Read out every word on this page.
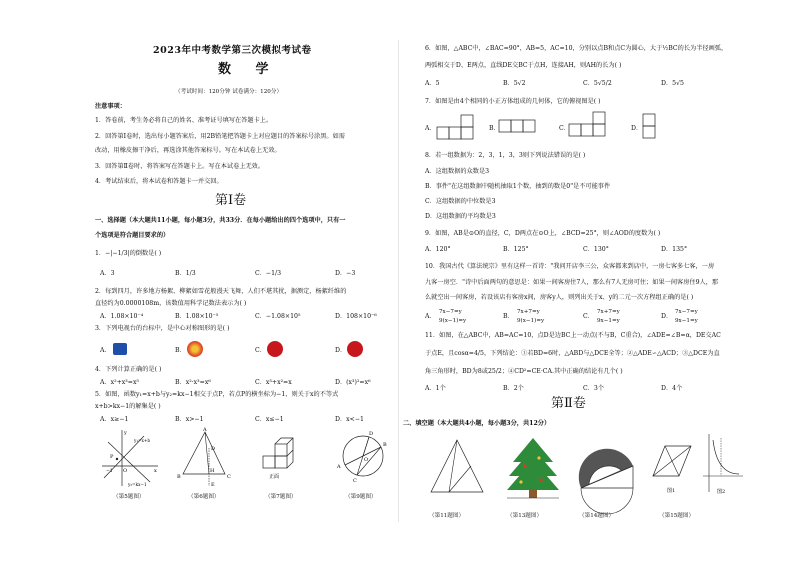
2023年中考数学第三次模拟考试卷
数 学
（考试时间：120分钟 试卷满分：120分）
注意事项：
1．答卷前，考生务必将自己的姓名、准考证号填写在答题卡上。
2．回答第Ⅰ卷时，选出每小题答案后，用2B铅笔把答题卡上对应题目的答案标号涂黑。如需
改动，用橡皮擦干净后，再选涂其他答案标号。写在本试卷上无效。
3．回答第Ⅱ卷时，将答案写在答题卡上。写在本试卷上无效。
4．考试结束后，将本试卷和答题卡一并交回。
第Ⅰ卷
一、选择题（本大题共11小题，每小题3分，共33分．在每小题给出的四个选项中，只有一
个选项是符合题目要求的）
1．−|−1/3|的倒数是( )
A．3	B．1/3	C．−1/3	D．−3
2．每到四月，许多地方杨絮、柳絮如雪花般漫天飞舞，人们不堪其扰，据测定，杨絮纤维的
直径约为0.0000108m，该数值用科学记数法表示为( )
A．1.08×10⁻⁴	B．1.08×10⁻⁵	C．−1.08×10⁵	D．108×10⁻⁶
3．下列电视台的台标中，是中心对称图形的是( )
A．	B．	C．	D．
4．下列计算正确的是( )
A．x²+x³=x⁵	B．x²·x³=x⁶	C．x³+x²=x	D．(x³)²=x⁶
5．如图，函数y₁=x+b与y₂=kx−1相交于点P，若点P的横坐标为−1，则关于x的不等式
x+b>kx−1的解集是( )
A．x≥−1	B．x>−1	C．x≤−1	D．x<−1
y
x
P
O
−1
y₁=x+b
y₂=kx−1
A
B	C
H
D
E
正面
A
B
C
D
O
（第5题图）	（第6题图）	（第7题图）	（第9题图）
6．如图，△ABC中，∠BAC=90°，AB=5，AC=10，分别以点B和点C为圆心，大于½BC的长为半径画弧，
两弧相交于D、E两点，直线DE交BC于点H，连接AH，则AH的长为( )
A．5	B．5√2	C．5√5/2	D．5√5
7．如图是由4个相同的小正方体组成的几何体，它的俯视图是( )
A．	B．	C．	D．
8．若一组数据为：2，3，1，3，3则下列说法错误的是( )
A．这组数据的众数是3
B．事件"在这组数据中随机抽取1个数，抽到的数是0"是不可能事件
C．这组数据的中位数是3
D．这组数据的平均数是3
9．如图，AB是⊙O的直径，C，D两点在⊙O上，∠BCD=25°，则∠AOD的度数为( )
A．120°	B．125°	C．130°	D．135°
10．我国古代《算法统宗》里有这样一首诗："我问开店李三公，众客都来到店中，一房七客多七客，一房
九客一房空．"诗中后面两句的意思是：如果一间客房住7人，那么有7人无房可住；如果一间客房住9人，那
么就空出一间客房，若设该店有客房x间，房客y人，则列出关于x、y的二元一次方程组正确的是( )
A．
7x−7=y
9(x−1)=y
B．
7x+7=y
9(x−1)=y
C．
7x+7=y
9x−1=y
D．
7x−7=y
9x−1=y
11．如图，在△ABC中，AB=AC=10，点D是边BC上一动点(不与B，C重合)，∠ADE=∠B=α，DE交AC
于点E，且cosα=4/5，下列结论：①若BD=6时，△ABD与△DCE全等；②△ADE∽△ACD；③△DCE为直
角三角形时，BD为8或25/2；④CD²=CE·CA.其中正确的结论有几个( )
A．1个	B．2个	C．3个	D．4个
第Ⅱ卷
二、填空题（本大题共4小题，每小题3分，共12分）
图1	图2
（第11题图）	（第13题图）	（第14题图）	（第15题图）
